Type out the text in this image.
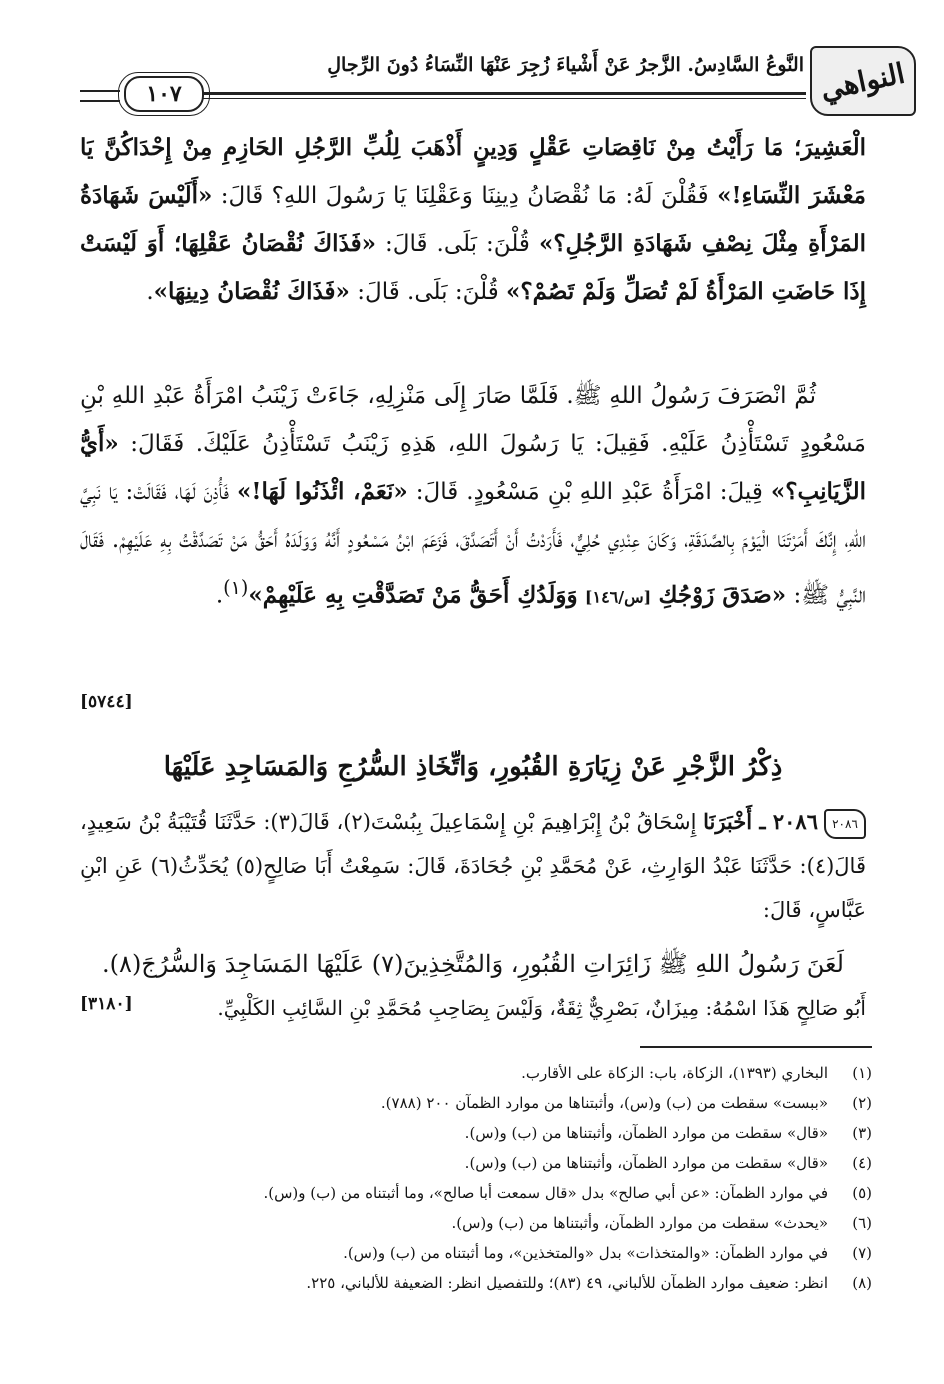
النواهي
النَّوعُ السَّادِسُ. الزَّجرُ عَنْ أَشْياءَ زُجِرَ عَنْهَا النِّسَاءُ دُونَ الرِّجالِ
١٠٧
الْعَشِيرَ؛ مَا رَأَيْتُ مِنْ نَاقِصَاتِ عَقْلٍ وَدِينٍ أَذْهَبَ لِلُبِّ الرَّجُلِ الحَازِمِ مِنْ إِحْدَاكُنَّ يَا مَعْشَرَ النِّسَاءِ!» فَقُلْنَ لَهُ: مَا نُقْصَانُ دِينِنَا وَعَقْلِنَا يَا رَسُولَ اللهِ؟ قَالَ: «أَلَيْسَ شَهَادَةُ المَرْأَةِ مِثْلَ نِصْفِ شَهَادَةِ الرَّجُلِ؟» قُلْنَ: بَلَى. قَالَ: «فَذَاكَ نُقْصَانُ عَقْلِهَا؛ أَوَ لَيْسَتْ إِذَا حَاضَتِ المَرْأَةُ لَمْ تُصَلِّ وَلَمْ تَصُمْ؟» قُلْنَ: بَلَى. قَالَ: «فَذَاكَ نُقْصَانُ دِينِهَا».
ثُمَّ انْصَرَفَ رَسُولُ اللهِ ﷺ. فَلَمَّا صَارَ إِلَى مَنْزِلِهِ، جَاءَتْ زَيْنَبُ امْرَأَةُ عَبْدِ اللهِ بْنِ مَسْعُودٍ تَسْتَأْذِنُ عَلَيْهِ. فَقِيلَ: يَا رَسُولَ اللهِ، هَذِهِ زَيْنَبُ تَسْتَأْذِنُ عَلَيْكَ. فَقَالَ: «أَيُّ الزَّيَانِبِ؟» قِيلَ: امْرَأَةُ عَبْدِ اللهِ بْنِ مَسْعُودٍ. قَالَ: «نَعَمْ، ائْذَنُوا لَهَا!» فَأُذِنَ لَهَا، فَقَالَتْ: يَا نَبِيَّ اللهِ، إِنَّكَ أَمَرْتَنَا الْيَوْمَ بِالصَّدَقَةِ، وَكَانَ عِنْدِي حُلِيٌّ، فَأَرَدْتُ أَنْ أَتَصَدَّقَ، فَزَعَمَ ابْنُ مَسْعُودٍ أَنَّهُ وَوَلَدَهُ أَحَقُّ مَنْ تَصَدَّقْتُ بِهِ عَلَيْهِمْ. فَقَالَ النَّبِيُّ ﷺ: «صَدَقَ زَوْجُكِ [س/١٤٦] وَوَلَدُكِ أَحَقُّ مَنْ تَصَدَّقْتِ بِهِ عَلَيْهِمْ»$^{(١)}$.
[٥٧٤٤]
ذِكْرُ الزَّجْرِ عَنْ زِيَارَةِ القُبُورِ، وَاتِّخَاذِ السُّرُجِ وَالمَسَاجِدِ عَلَيْهَا
٢٠٨٦٢٠٨٦ ـ أَخْبَرَنَا إِسْحَاقُ بْنُ إِبْرَاهِيمَ بْنِ إِسْمَاعِيلَ بِبُسْتَ(٢)، قَالَ(٣): حَدَّثَنَا قُتَيْبَةُ بْنُ سَعِيدٍ، قَالَ(٤): حَدَّثَنَا عَبْدُ الوَارِثِ، عَنْ مُحَمَّدِ بْنِ جُحَادَةَ، قَالَ: سَمِعْتُ أَبَا صَالِحٍ(٥) يُحَدِّثُ(٦) عَنِ ابْنِ عَبَّاسٍ، قَالَ:
لَعَنَ رَسُولُ اللهِ ﷺ زَائِرَاتِ القُبُورِ، وَالمُتَّخِذِينَ(٧) عَلَيْهَا المَسَاجِدَ وَالسُّرُجَ(٨).
أَبُو صَالِحٍ هَذَا اسْمُهُ: مِيزَانٌ، بَصْرِيٌّ ثِقَةٌ، وَلَيْسَ بِصَاحِبِ مُحَمَّدِ بْنِ السَّائِبِ الكَلْبِيِّ.
[٣١٨٠]
(١)البخاري (١٣٩٣)، الزكاة، باب: الزكاة على الأقارب.
(٢)«ببست» سقطت من (ب) و(س)، وأثبتناها من موارد الظمآن ٢٠٠ (٧٨٨).
(٣)«قال» سقطت من موارد الظمآن، وأثبتناها من (ب) و(س).
(٤)«قال» سقطت من موارد الظمآن، وأثبتناها من (ب) و(س).
(٥)في موارد الظمآن: «عن أبي صالح» بدل «قال سمعت أبا صالح»، وما أثبتناه من (ب) و(س).
(٦)«يحدث» سقطت من موارد الظمآن، وأثبتناها من (ب) و(س).
(٧)في موارد الظمآن: «والمتخذات» بدل «والمتخذين»، وما أثبتناه من (ب) و(س).
(٨)انظر: ضعيف موارد الظمآن للألباني، ٤٩ (٨٣)؛ وللتفصيل انظر: الضعيفة للألباني، ٢٢٥.
